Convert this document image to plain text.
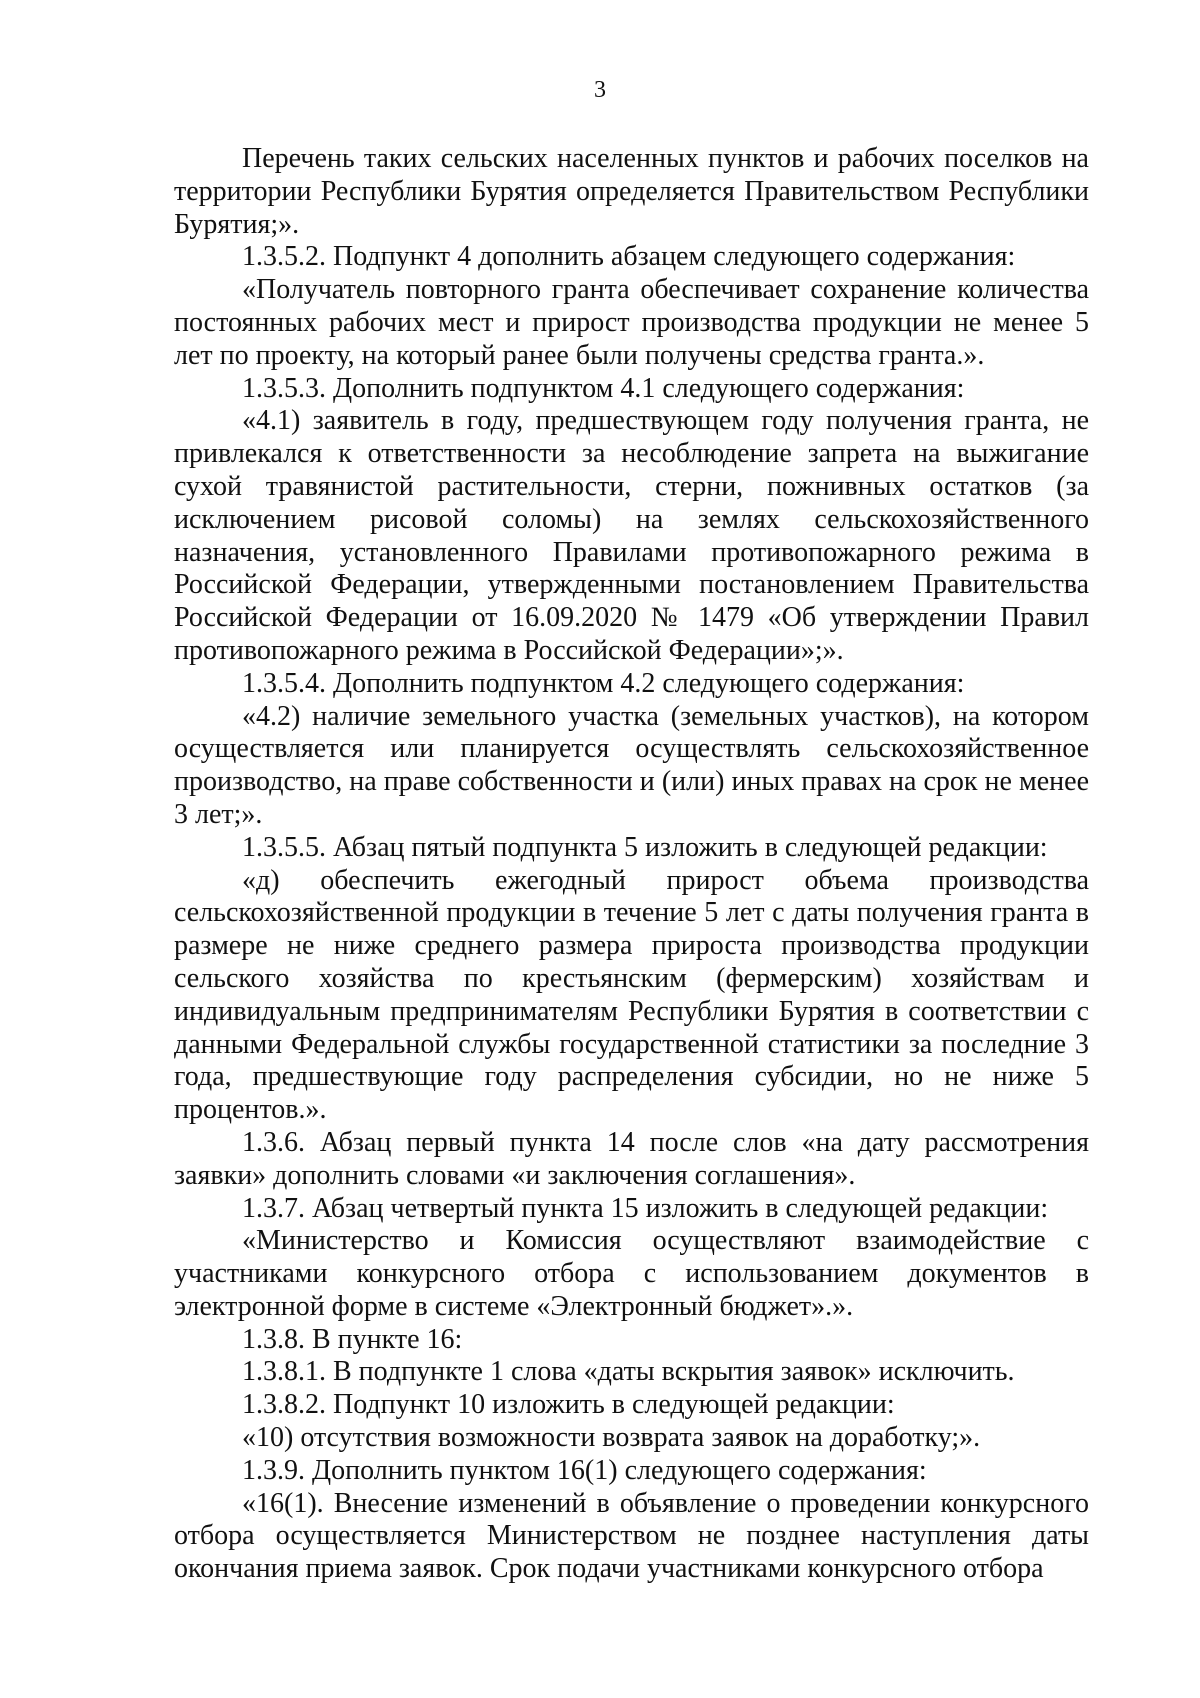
3

Перечень таких сельских населенных пунктов и рабочих поселков на территории Республики Бурятия определяется Правительством Республики Бурятия;».

1.3.5.2. Подпункт 4 дополнить абзацем следующего содержания:

«Получатель повторного гранта обеспечивает сохранение количества постоянных рабочих мест и прирост производства продукции не менее 5 лет по проекту, на который ранее были получены средства гранта.».

1.3.5.3. Дополнить подпунктом 4.1 следующего содержания:

«4.1) заявитель в году, предшествующем году получения гранта, не привлекался к ответственности за несоблюдение запрета на выжигание сухой травянистой растительности, стерни, пожнивных остатков (за исключением рисовой соломы) на землях сельскохозяйственного назначения, установленного Правилами противопожарного режима в Российской Федерации, утвержденными постановлением Правительства Российской Федерации от 16.09.2020 № 1479 «Об утверждении Правил противопожарного режима в Российской Федерации»;».

1.3.5.4. Дополнить подпунктом 4.2 следующего содержания:

«4.2) наличие земельного участка (земельных участков), на котором осуществляется или планируется осуществлять сельскохозяйственное производство, на праве собственности и (или) иных правах на срок не менее 3 лет;».

1.3.5.5. Абзац пятый подпункта 5 изложить в следующей редакции:

«д) обеспечить ежегодный прирост объема производства сельскохозяйственной продукции в течение 5 лет с даты получения гранта в размере не ниже среднего размера прироста производства продукции сельского хозяйства по крестьянским (фермерским) хозяйствам и индивидуальным предпринимателям Республики Бурятия в соответствии с данными Федеральной службы государственной статистики за последние 3 года, предшествующие году распределения субсидии, но не ниже 5 процентов.».

1.3.6. Абзац первый пункта 14 после слов «на дату рассмотрения заявки» дополнить словами «и заключения соглашения».

1.3.7. Абзац четвертый пункта 15 изложить в следующей редакции:

«Министерство и Комиссия осуществляют взаимодействие с участниками конкурсного отбора с использованием документов в электронной форме в системе «Электронный бюджет».».

1.3.8. В пункте 16:

1.3.8.1. В подпункте 1 слова «даты вскрытия заявок» исключить.

1.3.8.2. Подпункт 10 изложить в следующей редакции:

«10) отсутствия возможности возврата заявок на доработку;».

1.3.9. Дополнить пунктом 16(1) следующего содержания:

«16(1). Внесение изменений в объявление о проведении конкурсного отбора осуществляется Министерством не позднее наступления даты окончания приема заявок. Срок подачи участниками конкурсного отбора
